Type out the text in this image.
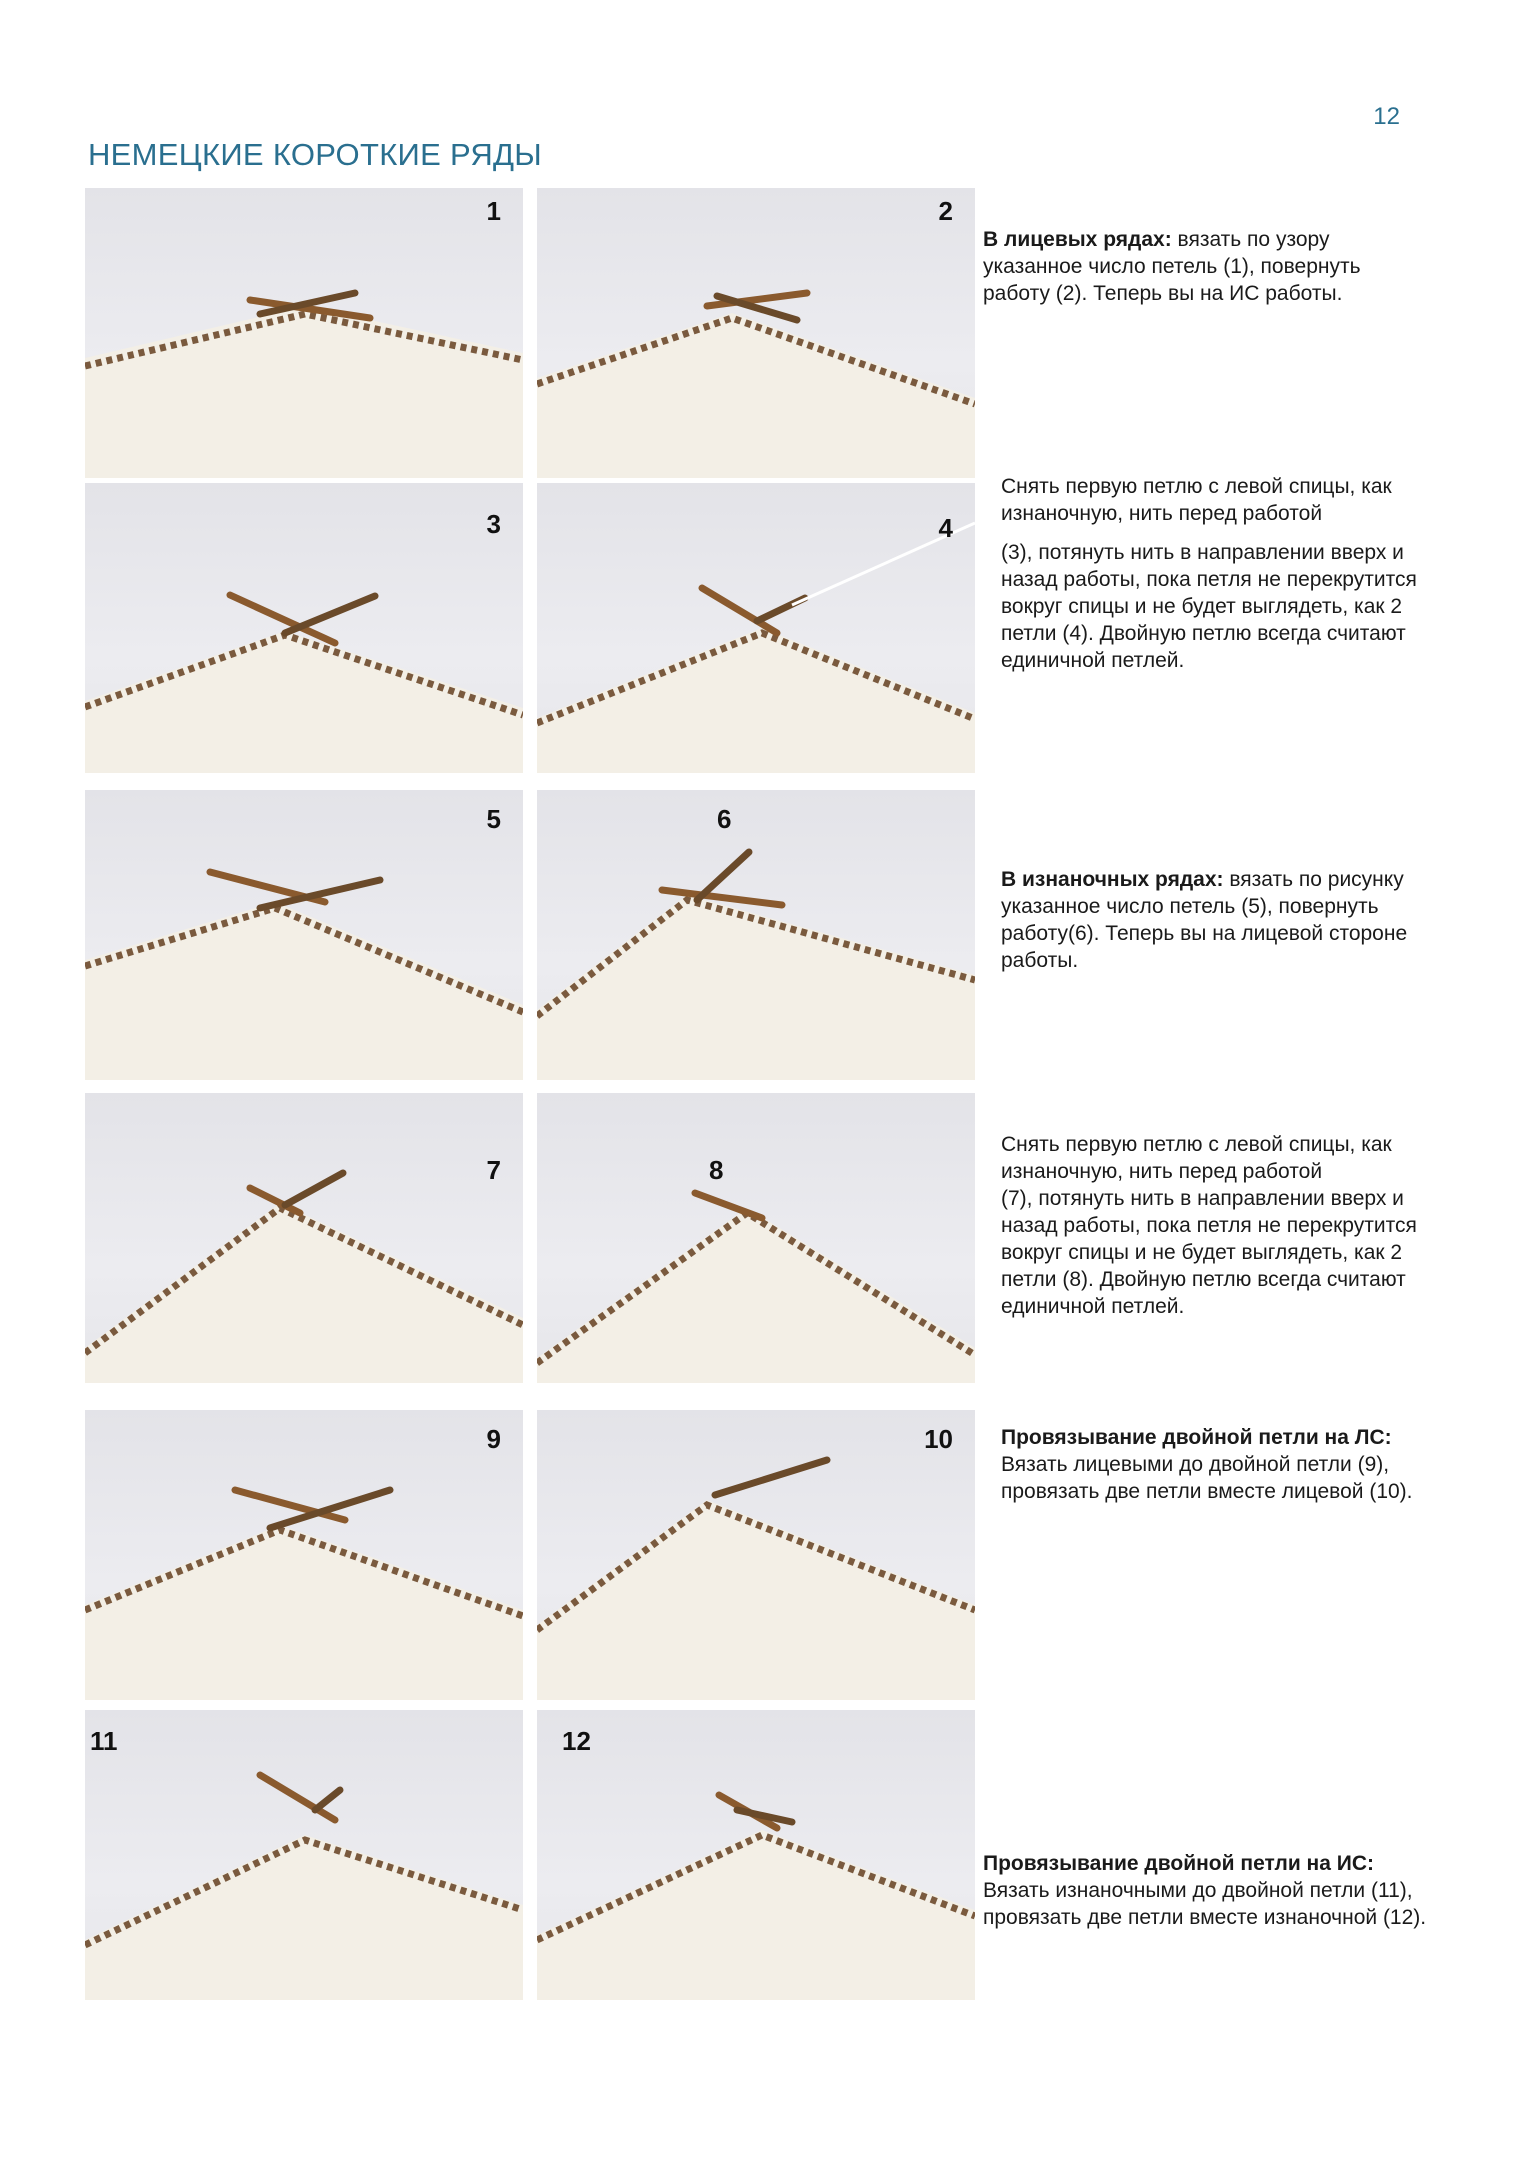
12
НЕМЕЦКИЕ КОРОТКИЕ РЯДЫ
1	2
3	4
5	6
7	8
9	10
11	12

В лицевых рядах: вязать по узору

указанное число петель (1), повернуть

работу (2). Теперь вы на ИС работы.

Снять первую петлю с левой спицы, как

изнаночную, нить перед работой

(3), потянуть нить в направлении вверх и

назад работы, пока петля не перекрутится

вокруг спицы и не будет выглядеть, как 2

петли (4). Двойную петлю всегда считают

единичной петлей.

В изнаночных рядах: вязать по рисунку

указанное число петель (5), повернуть

работу(6). Теперь вы на лицевой стороне

работы.

Снять первую петлю с левой спицы, как

изнаночную, нить перед работой

(7), потянуть нить в направлении вверх и

назад работы, пока петля не перекрутится

вокруг спицы и не будет выглядеть, как 2

петли (8). Двойную петлю всегда считают

единичной петлей.

Провязывание двойной петли на ЛС:

Вязать лицевыми до двойной петли (9),

провязать две петли вместе лицевой (10).

Провязывание двойной петли на ИС:

Вязать изнаночными до двойной петли (11),

провязать две петли вместе изнаночной (12).
